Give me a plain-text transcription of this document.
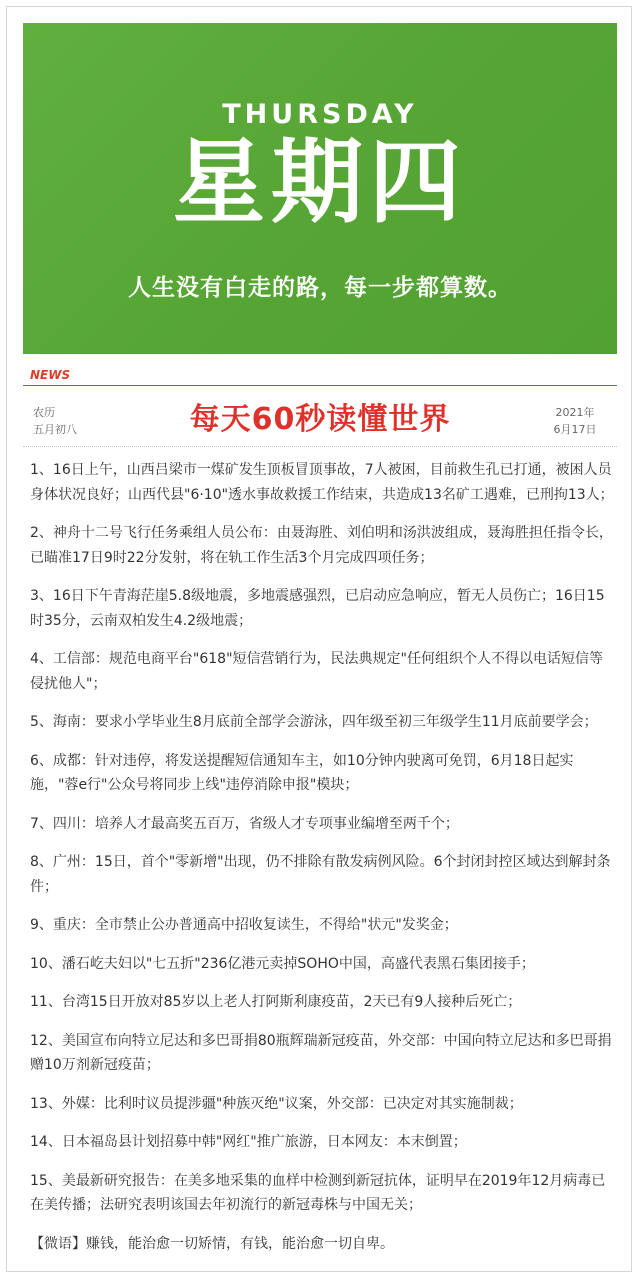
THURSDAY
星期四
人生没有白走的路，每一步都算数。
NEWS
农历
五月初八	每天60秒读懂世界	2021年
6月17日
1、16日上午，山西吕梁市一煤矿发生顶板冒顶事故，7人被困，目前救生孔已打通，被困人员身体状况良好；山西代县"6·10"透水事故救援工作结束，共造成13名矿工遇难，已刑拘13人；
2、神舟十二号飞行任务乘组人员公布：由聂海胜、刘伯明和汤洪波组成，聂海胜担任指令长，已瞄准17日9时22分发射，将在轨工作生活3个月完成四项任务；
3、16日下午青海茫崖5.8级地震，多地震感强烈，已启动应急响应，暂无人员伤亡；16日15时35分，云南双柏发生4.2级地震；
4、工信部：规范电商平台"618"短信营销行为，民法典规定"任何组织个人不得以电话短信等侵扰他人"；
5、海南：要求小学毕业生8月底前全部学会游泳，四年级至初三年级学生11月底前要学会；
6、成都：针对违停，将发送提醒短信通知车主，如10分钟内驶离可免罚，6月18日起实施，"蓉e行"公众号将同步上线"违停消除申报"模块；
7、四川：培养人才最高奖五百万，省级人才专项事业编增至两千个；
8、广州：15日，首个"零新增"出现，仍不排除有散发病例风险。6个封闭封控区域达到解封条件；
9、重庆：全市禁止公办普通高中招收复读生，不得给"状元"发奖金；
10、潘石屹夫妇以"七五折"236亿港元卖掉SOHO中国，高盛代表黑石集团接手；
11、台湾15日开放对85岁以上老人打阿斯利康疫苗，2天已有9人接种后死亡；
12、美国宣布向特立尼达和多巴哥捐80瓶辉瑞新冠疫苗，外交部：中国向特立尼达和多巴哥捐赠10万剂新冠疫苗；
13、外媒：比利时议员提涉疆"种族灭绝"议案，外交部：已决定对其实施制裁；
14、日本福岛县计划招募中韩"网红"推广旅游，日本网友：本末倒置；
15、美最新研究报告：在美多地采集的血样中检测到新冠抗体，证明早在2019年12月病毒已在美传播；法研究表明该国去年初流行的新冠毒株与中国无关；
【微语】赚钱，能治愈一切矫情，有钱，能治愈一切自卑。
